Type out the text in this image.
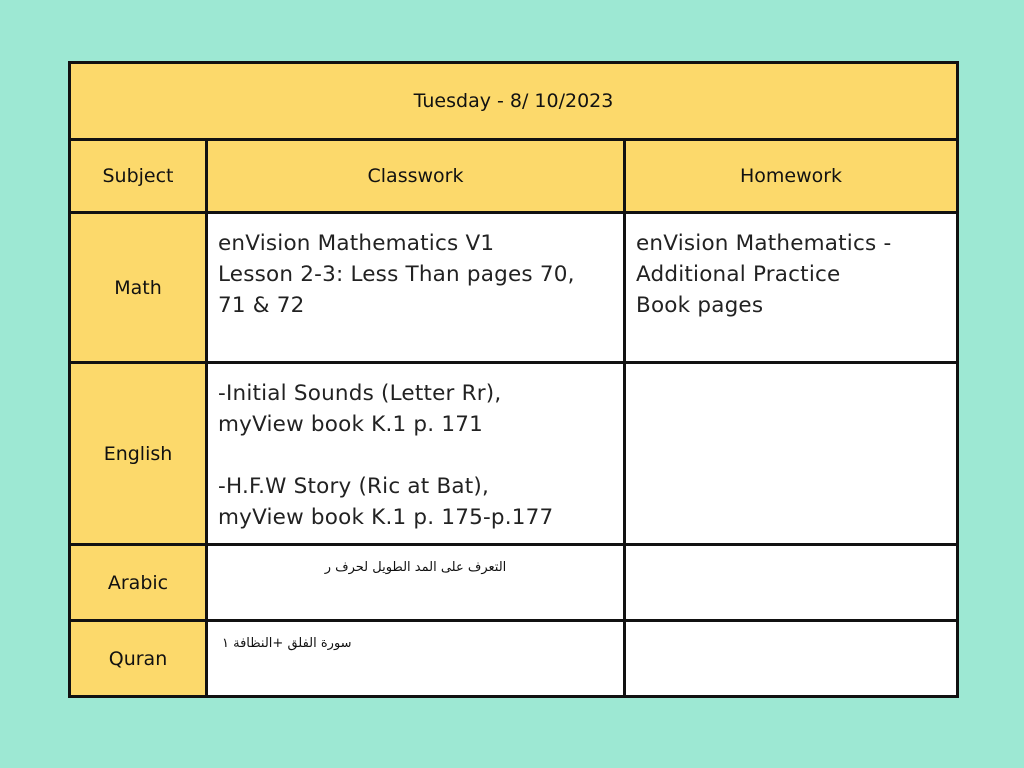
Tuesday - 8/ 10/2023		
Subject	Classwork	Homework
Math	enVision Mathematics V1
Lesson 2-3: Less Than pages 70,
71 & 72	enVision Mathematics -
Additional Practice
Book pages
English	-Initial Sounds (Letter Rr),
myView book K.1 p. 171

-H.F.W Story (Ric at Bat),
myView book K.1 p. 175-p.177	
Arabic	التعرف على المد الطويل لحرف ر	

Quran	سورة الفلق +النظافة ١	
